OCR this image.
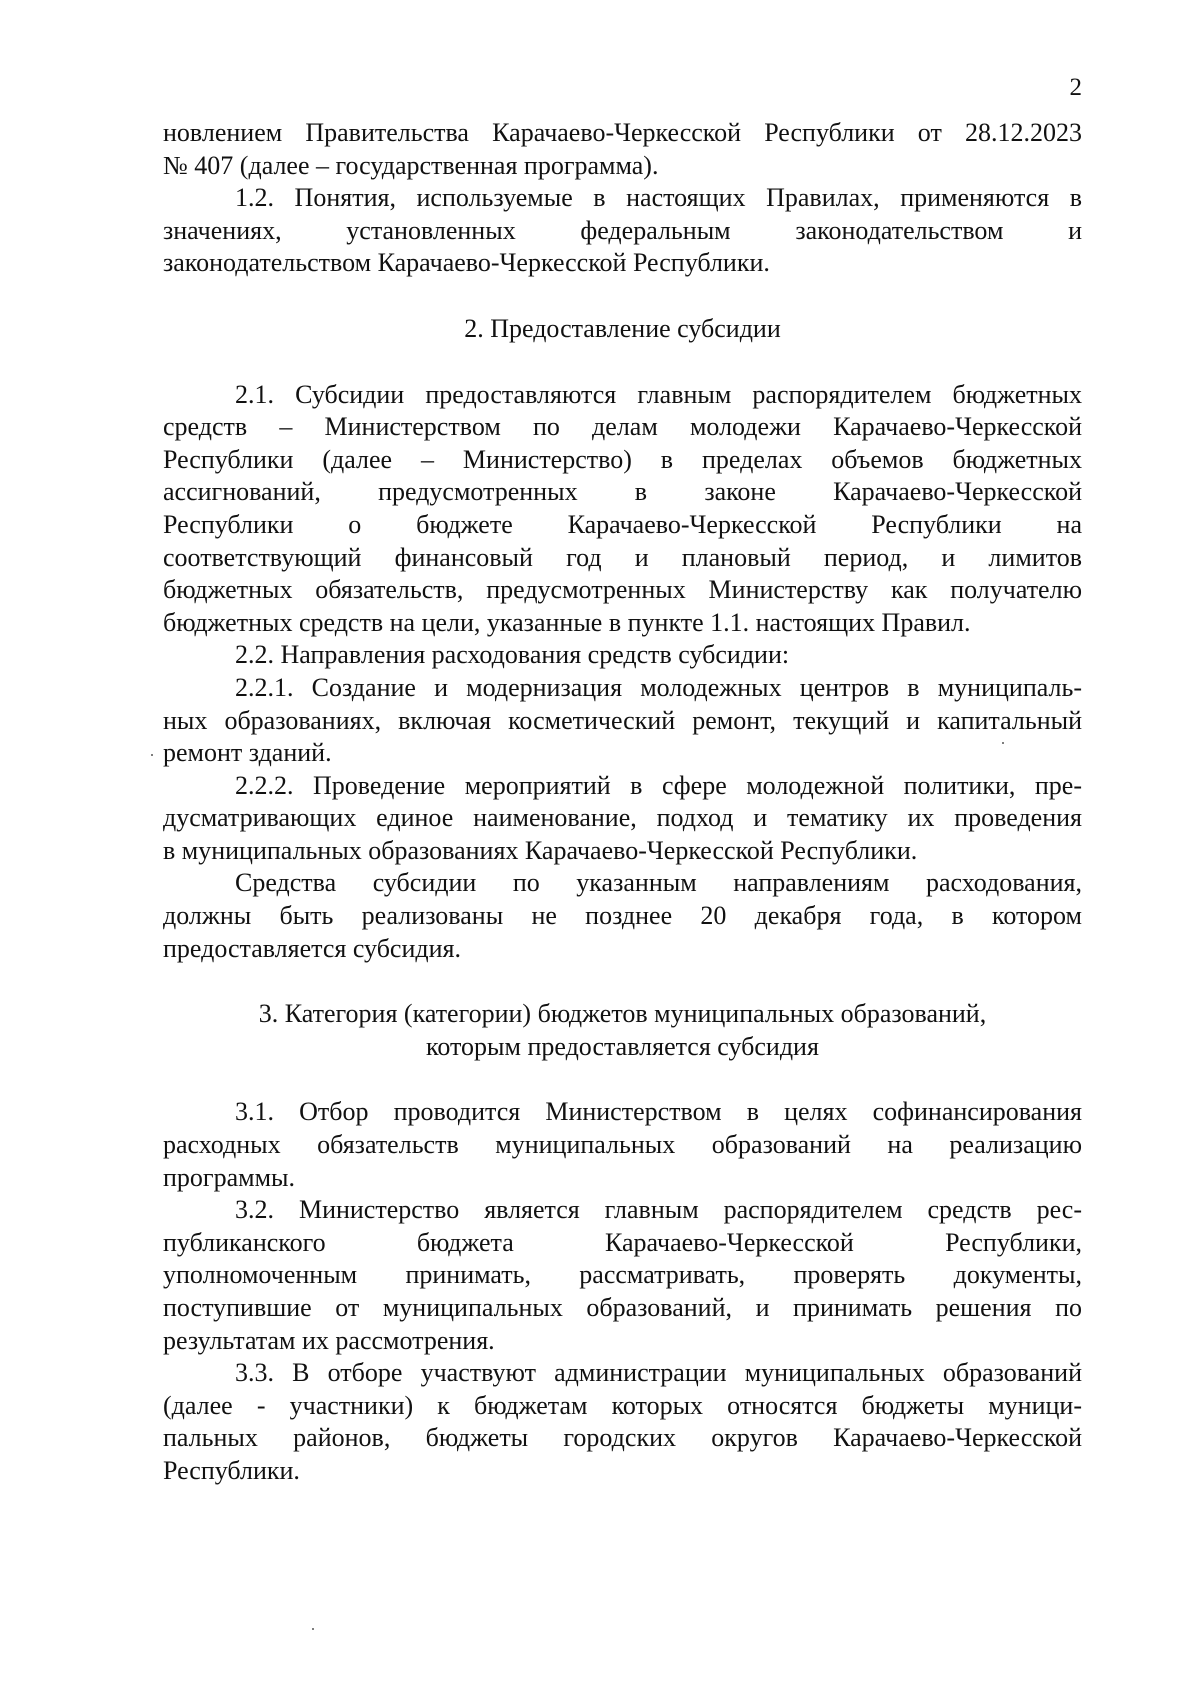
2
новлением Правительства Карачаево-Черкесской Республики от 28.12.2023
№ 407 (далее – государственная программа).
1.2. Понятия, используемые в настоящих Правилах, применяются в
значениях, установленных федеральным законодательством и
законодательством Карачаево-Черкесской Республики.
2. Предоставление субсидии
2.1. Субсидии предоставляются главным распорядителем бюджетных
средств – Министерством по делам молодежи Карачаево-Черкесской
Республики (далее – Министерство) в пределах объемов бюджетных
ассигнований, предусмотренных в законе Карачаево-Черкесской
Республики о бюджете Карачаево-Черкесской Республики на
соответствующий финансовый год и плановый период, и лимитов
бюджетных обязательств, предусмотренных Министерству как получателю
бюджетных средств на цели, указанные в пункте 1.1. настоящих Правил.
2.2. Направления расходования средств субсидии:
2.2.1. Создание и модернизация молодежных центров в муниципаль-
ных образованиях, включая косметический ремонт, текущий и капитальный
ремонт зданий.
2.2.2. Проведение мероприятий в сфере молодежной политики, пре-
дусматривающих единое наименование, подход и тематику их проведения
в муниципальных образованиях Карачаево-Черкесской Республики.
Средства субсидии по указанным направлениям расходования,
должны быть реализованы не позднее 20 декабря года, в котором
предоставляется субсидия.
3. Категория (категории) бюджетов муниципальных образований,
которым предоставляется субсидия
3.1. Отбор проводится Министерством в целях софинансирования
расходных обязательств муниципальных образований на реализацию
программы.
3.2. Министерство является главным распорядителем средств рес-
публиканского бюджета Карачаево-Черкесской Республики,
уполномоченным принимать, рассматривать, проверять документы,
поступившие от муниципальных образований, и принимать решения по
результатам их рассмотрения.
3.3. В отборе участвуют администрации муниципальных образований
(далее - участники) к бюджетам которых относятся бюджеты муници-
пальных районов, бюджеты городских округов Карачаево-Черкесской
Республики.
